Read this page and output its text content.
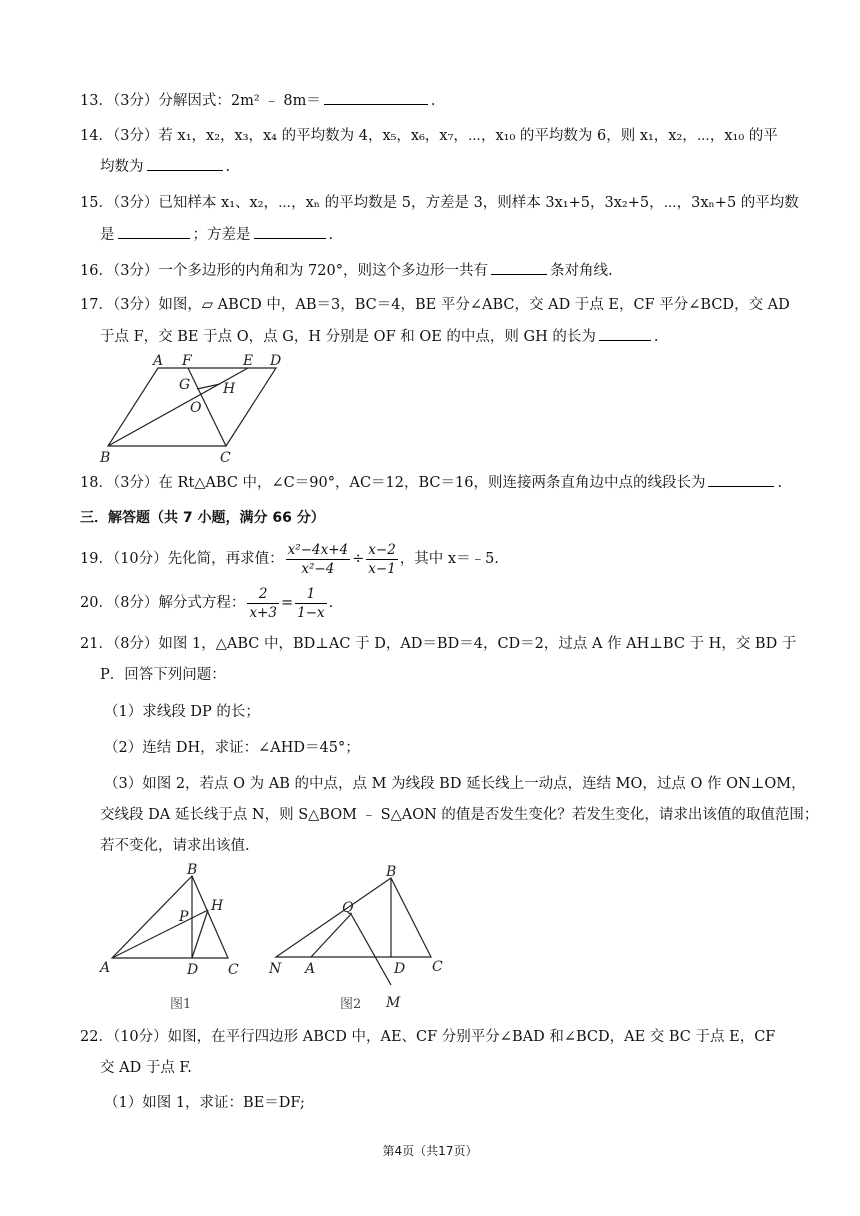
13．（3分）分解因式：2m² ﹣ 8m＝	.
14．（3分）若 x₁，x₂，x₃，x₄ 的平均数为 4，x₅，x₆，x₇，⋯，x₁₀ 的平均数为 6，则 x₁，x₂，⋯，x₁₀ 的平
均数为	.
15．（3分）已知样本 x₁、x₂，⋯，xₙ 的平均数是 5，方差是 3，则样本 3x₁+5，3x₂+5，⋯，3xₙ+5 的平均数
是	；方差是	.
16．（3分）一个多边形的内角和为 720°，则这个多边形一共有	条对角线.
17．（3分）如图，▱ ABCD 中，AB＝3，BC＝4，BE 平分∠ABC，交 AD 于点 E，CF 平分∠BCD，交 AD
于点 F，交 BE 于点 O，点 G，H 分别是 OF 和 OE 的中点，则 GH 的长为	.
A F	E D
G H
O
B	C
18．（3分）在 Rt△ABC 中，∠C＝90°，AC＝12，BC＝16，则连接两条直角边中点的线段长为	.
三．解答题（共 7 小题，满分 66 分）
19．（10分）先化简，再求值： $\frac{\text{x²−4x+4}}{\text{x²−4}} \div \frac{x-2}{x-1}$ ，其中 x＝﹣5.
20．（8分）解分式方程： $\frac{2}{x+3} = \frac{1}{1-x}$ .
21．（8分）如图 1，△ABC 中，BD⊥AC 于 D，AD＝BD＝4，CD＝2，过点 A 作 AH⊥BC 于 H，交 BD 于
P．回答下列问题：
（1）求线段 DP 的长；
（2）连结 DH，求证：∠AHD＝45°；
（3）如图 2，若点 O 为 AB 的中点，点 M 为线段 BD 延长线上一动点，连结 MO，过点 O 作 ON⊥OM，
交线段 DA 延长线于点 N，则 S△BOM ﹣ S△AON 的值是否发生变化？若发生变化，请求出该值的取值范围；
若不变化，请求出该值.
B
P
H
A	D C
图1
B
Q
N A	D C
M
图2
22．（10分）如图，在平行四边形 ABCD 中，AE、CF 分别平分∠BAD 和∠BCD，AE 交 BC 于点 E，CF
交 AD 于点 F.
（1）如图 1，求证：BE＝DF;
第4页（共17页）
